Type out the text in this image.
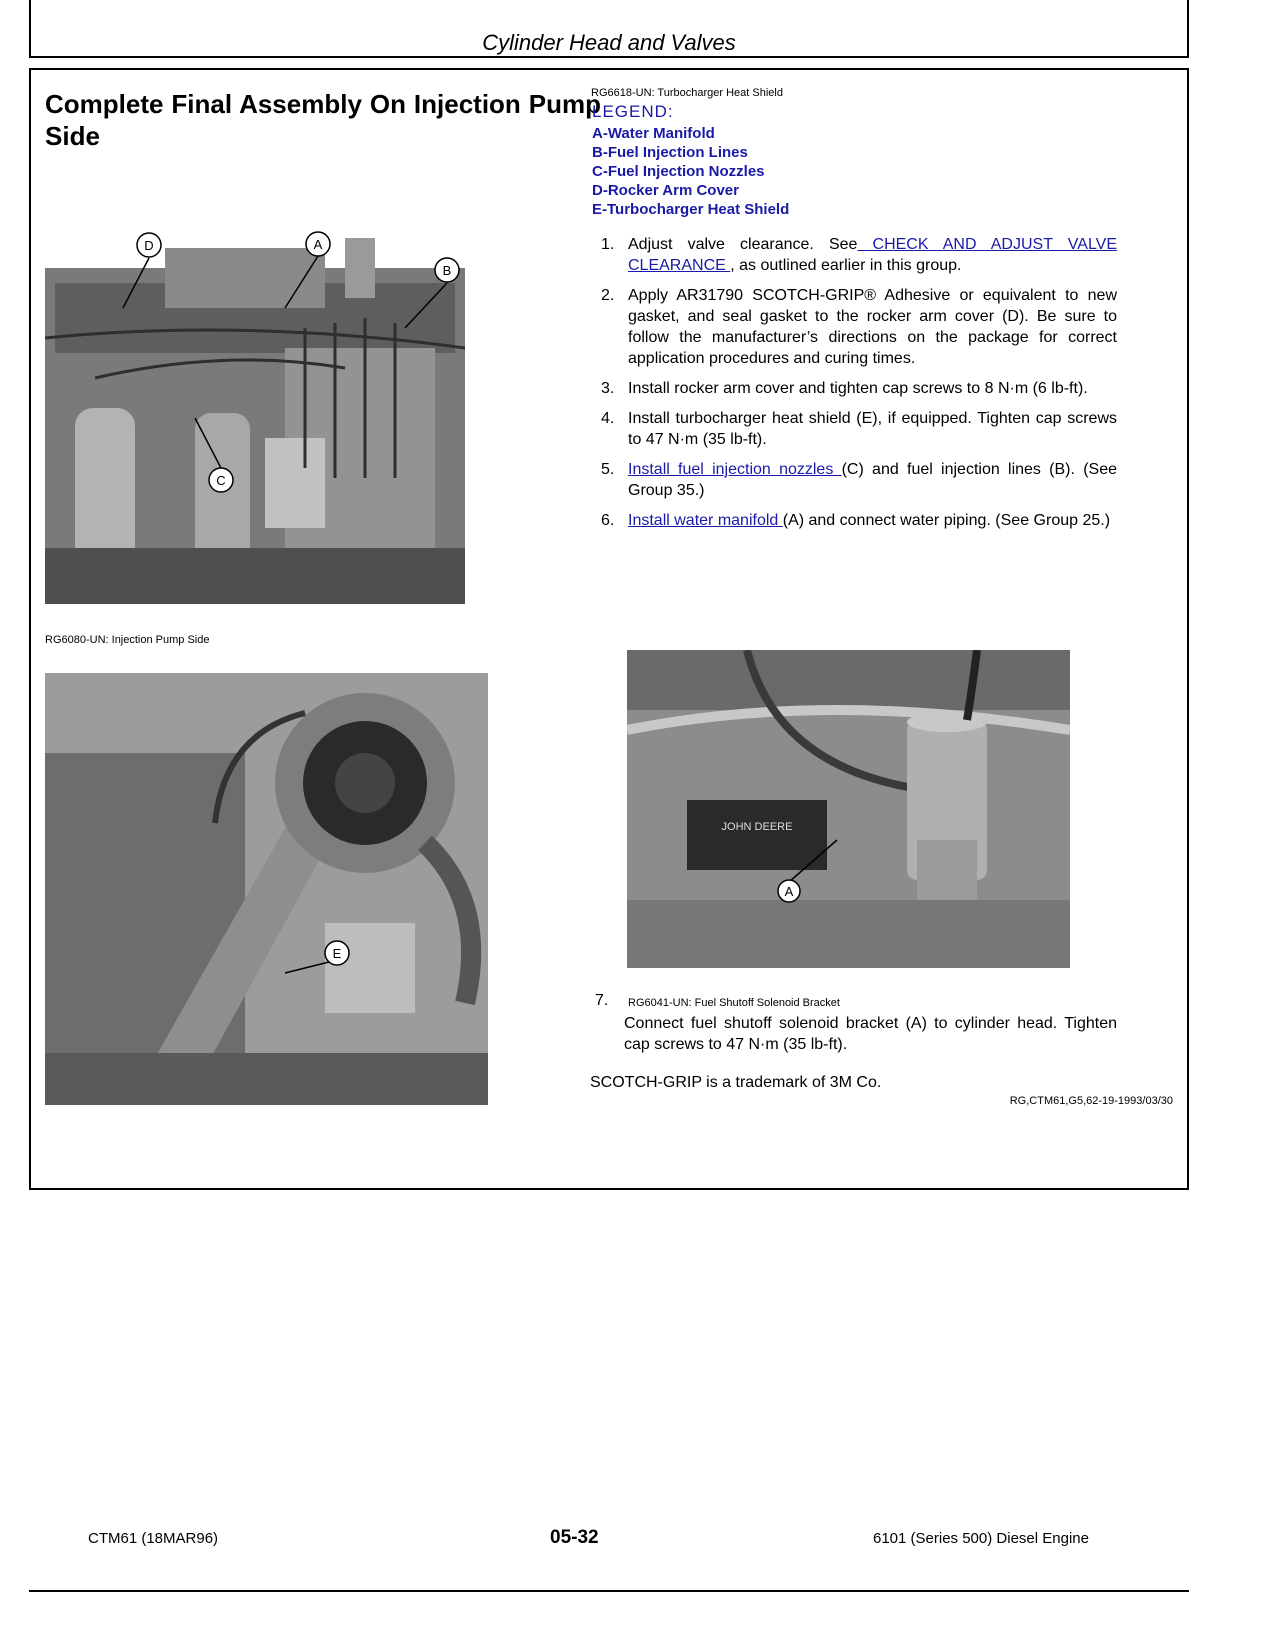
Cylinder Head and Valves
Complete Final Assembly On Injection Pump Side
RG6618-UN: Turbocharger Heat Shield
LEGEND:
A-Water Manifold
B-Fuel Injection Lines
C-Fuel Injection Nozzles
D-Rocker Arm Cover
E-Turbocharger Heat Shield
1. Adjust valve clearance. See CHECK AND ADJUST VALVE CLEARANCE , as outlined earlier in this group.
2. Apply AR31790 SCOTCH-GRIP® Adhesive or equivalent to new gasket, and seal gasket to the rocker arm cover (D). Be sure to follow the manufacturer’s directions on the package for correct application procedures and curing times.
3. Install rocker arm cover and tighten cap screws to 8 N·m (6 lb-ft).
4. Install turbocharger heat shield (E), if equipped. Tighten cap screws to 47 N·m (35 lb-ft).
5. Install fuel injection nozzles (C) and fuel injection lines (B). (See Group 35.)
6. Install water manifold (A) and connect water piping. (See Group 25.)
D	A
B
C
RG6080-UN: Injection Pump Side
E
JOHN DEERE
A
7. RG6041-UN: Fuel Shutoff Solenoid Bracket
Connect fuel shutoff solenoid bracket (A) to cylinder head. Tighten cap screws to 47 N·m (35 lb-ft).
SCOTCH-GRIP is a trademark of 3M Co.
RG,CTM61,G5,62-19-1993/03/30
CTM61 (18MAR96)	05-32	6101 (Series 500) Diesel Engine
